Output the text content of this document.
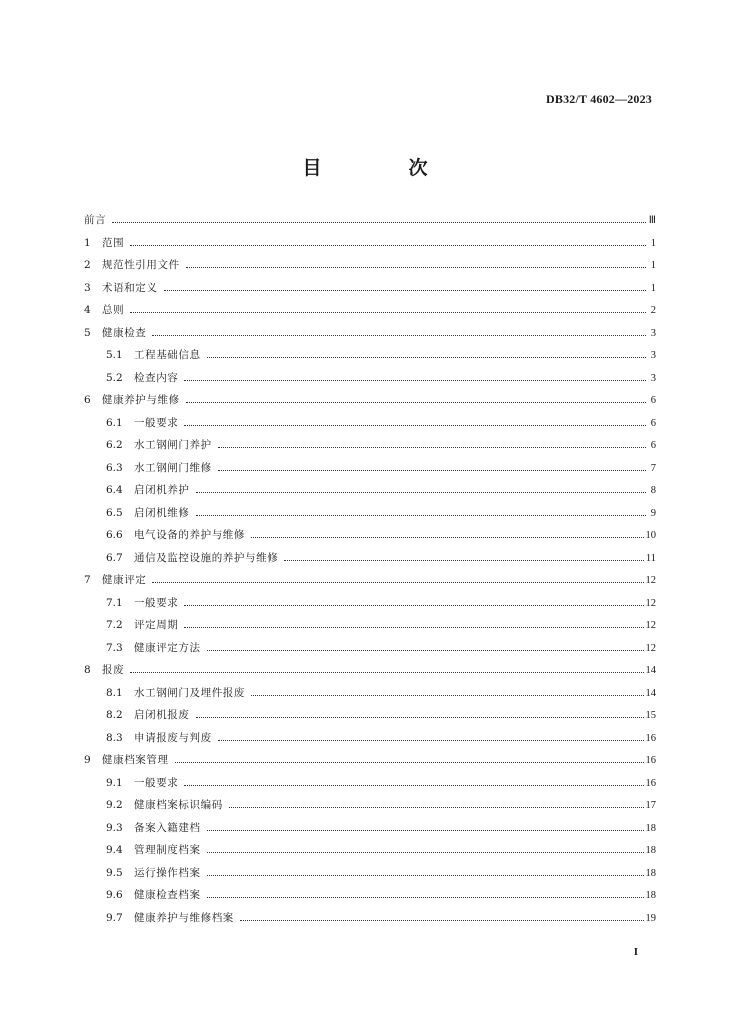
DB32/T 4602—2023
目　次
前言	Ⅲ
1	范围	1
2	规范性引用文件	1
3	术语和定义	1
4	总则	2
5	健康检查	3
5.1	工程基础信息	3
5.2	检查内容	3
6	健康养护与维修	6
6.1	一般要求	6
6.2	水工钢闸门养护	6
6.3	水工钢闸门维修	7
6.4	启闭机养护	8
6.5	启闭机维修	9
6.6	电气设备的养护与维修	10
6.7	通信及监控设施的养护与维修	11
7	健康评定	12
7.1	一般要求	12
7.2	评定周期	12
7.3	健康评定方法	12
8	报废	14
8.1	水工钢闸门及埋件报废	14
8.2	启闭机报废	15
8.3	申请报废与判废	16
9	健康档案管理	16
9.1	一般要求	16
9.2	健康档案标识编码	17
9.3	备案入籍建档	18
9.4	管理制度档案	18
9.5	运行操作档案	18
9.6	健康检查档案	18
9.7	健康养护与维修档案	19
I
